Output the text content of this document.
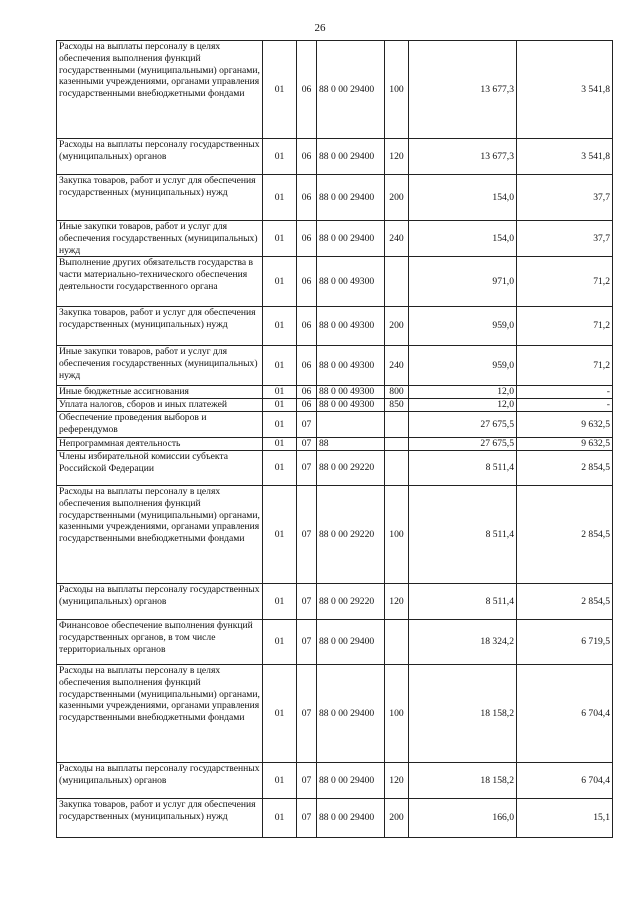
26
Расходы на выплаты персоналу в целях обеспечения выполнения функций государственными (муниципальными) органами, казенными учреждениями, органами управления государственными внебюджетными фондами	01	06	88 0 00 29400	100	13 677,3	3 541,8
Расходы на выплаты персоналу государственных (муниципальных) органов	01	06	88 0 00 29400	120	13 677,3	3 541,8
Закупка товаров, работ и услуг для обеспечения государственных (муниципальных) нужд	01	06	88 0 00 29400	200	154,0	37,7
Иные закупки товаров, работ и услуг для обеспечения государственных (муниципальных) нужд	01	06	88 0 00 29400	240	154,0	37,7
Выполнение других обязательств государства в части материально-технического обеспечения деятельности государственного органа	01	06	88 0 00 49300		971,0	71,2
Закупка товаров, работ и услуг для обеспечения государственных (муниципальных) нужд	01	06	88 0 00 49300	200	959,0	71,2
Иные закупки товаров, работ и услуг для обеспечения государственных (муниципальных) нужд	01	06	88 0 00 49300	240	959,0	71,2
Иные бюджетные ассигнования	01	06	88 0 00 49300	800	12,0	-
Уплата налогов, сборов и иных платежей	01	06	88 0 00 49300	850	12,0	-
Обеспечение проведения выборов и референдумов	01	07			27 675,5	9 632,5
Непрограммная деятельность	01	07	88		27 675,5	9 632,5
Члены избирательной комиссии субъекта Российской Федерации	01	07	88 0 00 29220		8 511,4	2 854,5
Расходы на выплаты персоналу в целях обеспечения выполнения функций государственными (муниципальными) органами, казенными учреждениями, органами управления государственными внебюджетными фондами	01	07	88 0 00 29220	100	8 511,4	2 854,5
Расходы на выплаты персоналу государственных (муниципальных) органов	01	07	88 0 00 29220	120	8 511,4	2 854,5
Финансовое обеспечение выполнения функций государственных органов, в том числе территориальных органов	01	07	88 0 00 29400		18 324,2	6 719,5
Расходы на выплаты персоналу в целях обеспечения выполнения функций государственными (муниципальными) органами, казенными учреждениями, органами управления государственными внебюджетными фондами	01	07	88 0 00 29400	100	18 158,2	6 704,4
Расходы на выплаты персоналу государственных (муниципальных) органов	01	07	88 0 00 29400	120	18 158,2	6 704,4
Закупка товаров, работ и услуг для обеспечения государственных (муниципальных) нужд	01	07	88 0 00 29400	200	166,0	15,1
